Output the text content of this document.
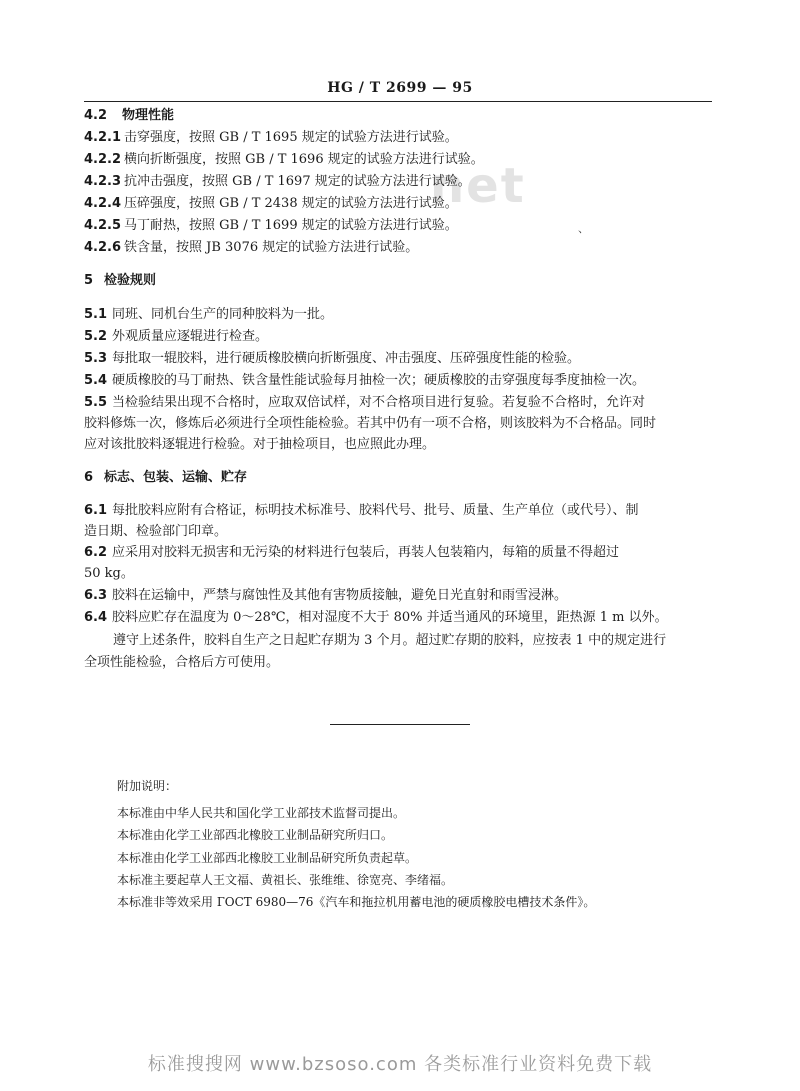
HG / T 2699 — 95
net
4.2 物理性能
4.2.1 击穿强度，按照 GB / T 1695 规定的试验方法进行试验。
4.2.2 横向折断强度，按照 GB / T 1696 规定的试验方法进行试验。
4.2.3 抗冲击强度，按照 GB / T 1697 规定的试验方法进行试验。
4.2.4 压碎强度，按照 GB / T 2438 规定的试验方法进行试验。
4.2.5 马丁耐热，按照 GB / T 1699 规定的试验方法进行试验。	、
4.2.6 铁含量，按照 JB 3076 规定的试验方法进行试验。
5 检验规则
5.1 同班、同机台生产的同种胶料为一批。
5.2 外观质量应逐辊进行检查。
5.3 每批取一辊胶料，进行硬质橡胶横向折断强度、冲击强度、压碎强度性能的检验。
5.4 硬质橡胶的马丁耐热、铁含量性能试验每月抽检一次；硬质橡胶的击穿强度每季度抽检一次。
5.5 当检验结果出现不合格时，应取双倍试样，对不合格项目进行复验。若复验不合格时，允许对
胶料修炼一次，修炼后必须进行全项性能检验。若其中仍有一项不合格，则该胶料为不合格品。同时
应对该批胶料逐辊进行检验。对于抽检项目，也应照此办理。
6 标志、包装、运输、贮存
6.1 每批胶料应附有合格证，标明技术标准号、胶料代号、批号、质量、生产单位（或代号）、制
造日期、检验部门印章。
6.2 应采用对胶料无损害和无污染的材料进行包装后，再装人包装箱内，每箱的质量不得超过
50 kg。
6.3 胶料在运输中，严禁与腐蚀性及其他有害物质接触，避免日光直射和雨雪浸淋。
6.4 胶料应贮存在温度为 0～28℃，相对湿度不大于 80% 并适当通风的环境里，距热源 1 m 以外。
遵守上述条件，胶料自生产之日起贮存期为 3 个月。超过贮存期的胶料，应按表 1 中的规定进行
全项性能检验，合格后方可使用。
附加说明：
本标准由中华人民共和国化学工业部技术监督司提出。
本标准由化学工业部西北橡胶工业制品研究所归口。
本标准由化学工业部西北橡胶工业制品研究所负责起草。
本标准主要起草人王文福、黄祖长、张维维、徐宽亮、李绪福。
本标准非等效采用 ГОСТ 6980—76《汽车和拖拉机用蓄电池的硬质橡胶电槽技术条件》。
标准搜搜网 www.bzsoso.com 各类标准行业资料免费下载
